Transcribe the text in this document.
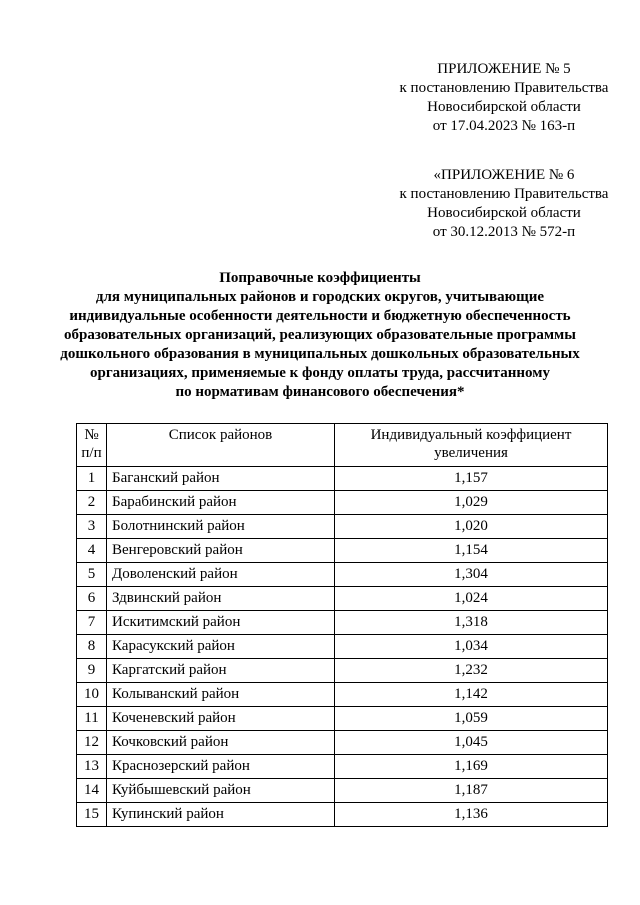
ПРИЛОЖЕНИЕ № 5
к постановлению Правительства
Новосибирской области
от 17.04.2023 № 163-п
«ПРИЛОЖЕНИЕ № 6
к постановлению Правительства
Новосибирской области
от 30.12.2013 № 572-п
Поправочные коэффициенты
для муниципальных районов и городских округов, учитывающие
индивидуальные особенности деятельности и бюджетную обеспеченность
образовательных организаций, реализующих образовательные программы
дошкольного образования в муниципальных дошкольных образовательных
организациях, применяемые к фонду оплаты труда, рассчитанному
по нормативам финансового обеспечения*
№ п/п	Список районов	Индивидуальный коэффициент увеличения
1	Баганский район	1,157
2	Барабинский район	1,029
3	Болотнинский район	1,020
4	Венгеровский район	1,154
5	Доволенский район	1,304
6	Здвинский район	1,024
7	Искитимский район	1,318
8	Карасукский район	1,034
9	Каргатский район	1,232
10	Колыванский район	1,142
11	Коченевский район	1,059
12	Кочковский район	1,045
13	Краснозерский район	1,169
14	Куйбышевский район	1,187
15	Купинский район	1,136
